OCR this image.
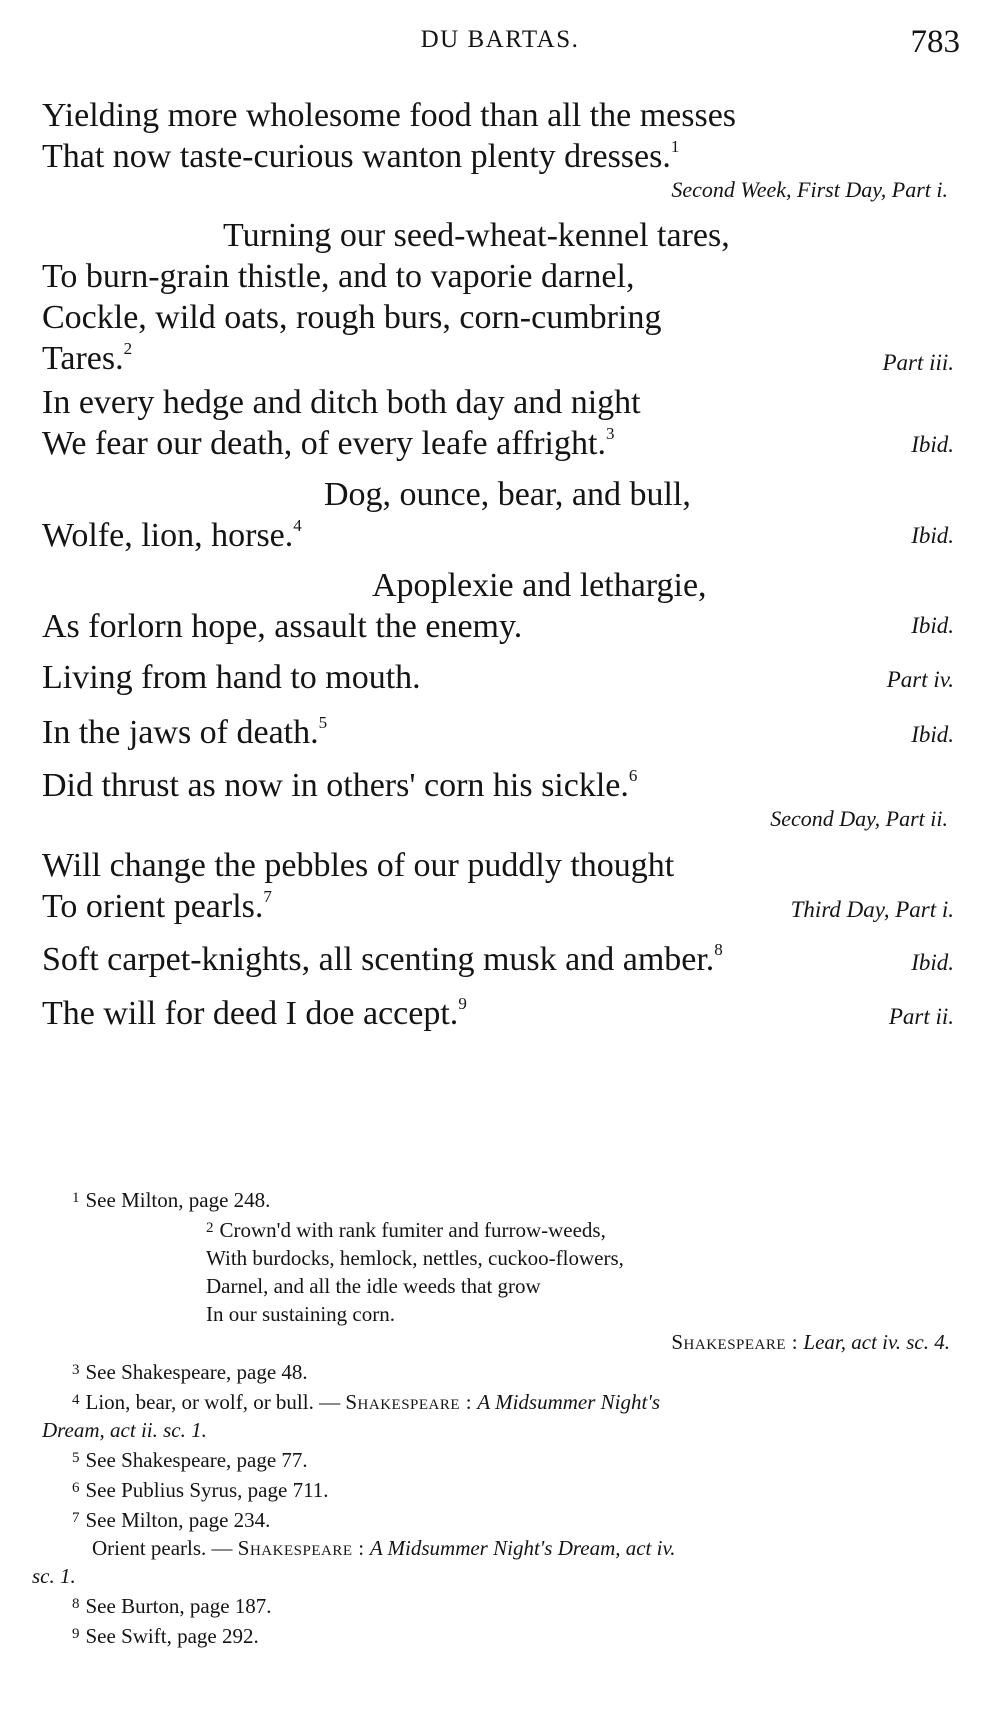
DU BARTAS.	783
Yielding more wholesome food than all the messes
That now taste-curious wanton plenty dresses.$^1$
Second Week, First Day, Part i.
Turning our seed-wheat-kennel tares,
To burn-grain thistle, and to vaporie darnel,
Cockle, wild oats, rough burs, corn-cumbring
Tares.$^2$
Part iii.
In every hedge and ditch both day and night
We fear our death, of every leafe affright.$^3$	Ibid.
Dog, ounce, bear, and bull,
Wolfe, lion, horse.$^4$	Ibid.
Apoplexie and lethargie,
As forlorn hope, assault the enemy.	Ibid.
Living from hand to mouth.	Part iv.
In the jaws of death.$^5$	Ibid.
Did thrust as now in others' corn his sickle.$^6$
Second Day, Part ii.
Will change the pebbles of our puddly thought
To orient pearls.$^7$
Third Day, Part i.
Soft carpet-knights, all scenting musk and amber.$^8$
Ibid.
The will for deed I doe accept.$^9$
Part ii.
$^1$ See Milton, page 248.
$^2$ Crown'd with rank fumiter and furrow-weeds,
With burdocks, hemlock, nettles, cuckoo-flowers,
Darnel, and all the idle weeds that grow
In our sustaining corn.
Shakespeare : Lear, act iv. sc. 4.
$^3$ See Shakespeare, page 48.
$^4$ Lion, bear, or wolf, or bull. — Shakespeare : A Midsummer Night's
Dream, act ii. sc. 1.
$^5$ See Shakespeare, page 77.
$^6$ See Publius Syrus, page 711.
$^7$ See Milton, page 234.
Orient pearls. — Shakespeare : A Midsummer Night's Dream, act iv.
sc. 1.
$^8$ See Burton, page 187.
$^9$ See Swift, page 292.
